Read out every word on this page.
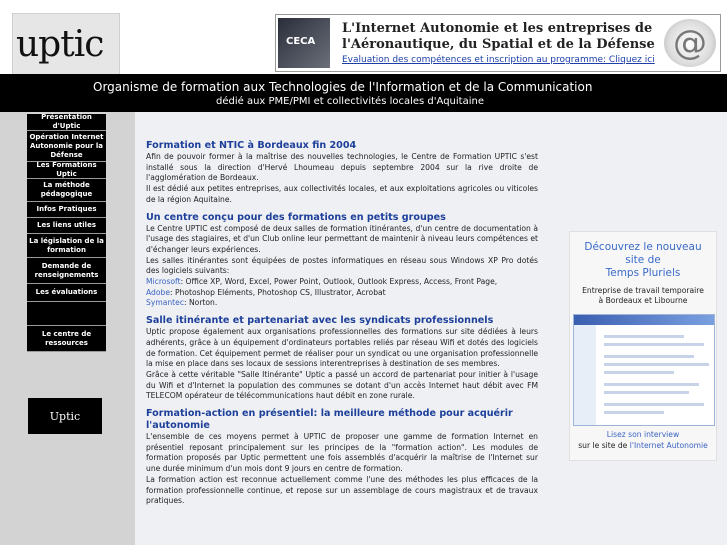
uptic	CECA
L'Internet Autonomie et les entreprises de
l'Aéronautique, du Spatial et de la Défense
Evaluation des compétences et inscription au programme: Cliquez ici @
Organisme de formation aux Technologies de l'Information et de la Communication
dédié aux PME/PMI et collectivités locales d'Aquitaine
Présentation d'Uptic
Opération Internet Autonomie pour la Défense
Les Formations Uptic
La méthode pédagogique
Infos Pratiques
Les liens utiles
La législation de la formation
Demande de renseignements
Les évaluations
Le centre de ressources
Uptic
Formation et NTIC à Bordeaux fin 2004

Afin de pouvoir former à la maîtrise des nouvelles technologies, le Centre de Formation UPTIC s'est installé sous la direction d'Hervé Lhoumeau depuis septembre 2004 sur la rive droite de l'agglomération de Bordeaux.

Il est dédié aux petites entreprises, aux collectivités locales, et aux exploitations agricoles ou viticoles de la région Aquitaine.

Un centre conçu pour des formations en petits groupes

Le Centre UPTIC est composé de deux salles de formation itinérantes, d'un centre de documentation à l'usage des stagiaires, et d'un Club online leur permettant de maintenir à niveau leurs compétences et d'échanger leurs expériences.

Les salles itinérantes sont équipées de postes informatiques en réseau sous Windows XP Pro dotés des logiciels suivants:

Microsoft: Office XP, Word, Excel, Power Point, Outlook, Outlook Express, Access, Front Page,

Adobe: Photoshop Eléments, Photoshop CS, Illustrator, Acrobat

Symantec: Norton.

Salle itinérante et partenariat avec les syndicats professionnels

Uptic propose également aux organisations professionnelles des formations sur site dédiées à leurs adhérents, grâce à un équipement d'ordinateurs portables reliés par réseau Wifi et dotés des logiciels de formation. Cet équipement permet de réaliser pour un syndicat ou une organisation professionnelle la mise en place dans ses locaux de sessions interentreprises à destination de ses membres.

Grâce à cette véritable "Salle Itinérante" Uptic a passé un accord de partenariat pour initier à l'usage du Wifi et d'Internet la population des communes se dotant d'un accès Internet haut débit avec FM TELECOM opérateur de télécommunications haut débit en zone rurale.

Formation-action en présentiel: la meilleure méthode pour acquérir l'autonomie

L'ensemble de ces moyens permet à UPTIC de proposer une gamme de formation Internet en présentiel reposant principalement sur les principes de la "formation action". Les modules de formation proposés par Uptic permettent une fois assemblés d'acquérir la maîtrise de l'Internet sur une durée minimum d'un mois dont 9 jours en centre de formation.

La formation action est reconnue actuellement comme l'une des méthodes les plus efficaces de la formation professionnelle continue, et repose sur un assemblage de cours magistraux et de travaux pratiques.

Découvrez le nouveau
site de
Temps Pluriels
Entreprise de travail temporaire
à Bordeaux et Libourne
Lisez son interview
sur le site de l'Internet Autonomie
